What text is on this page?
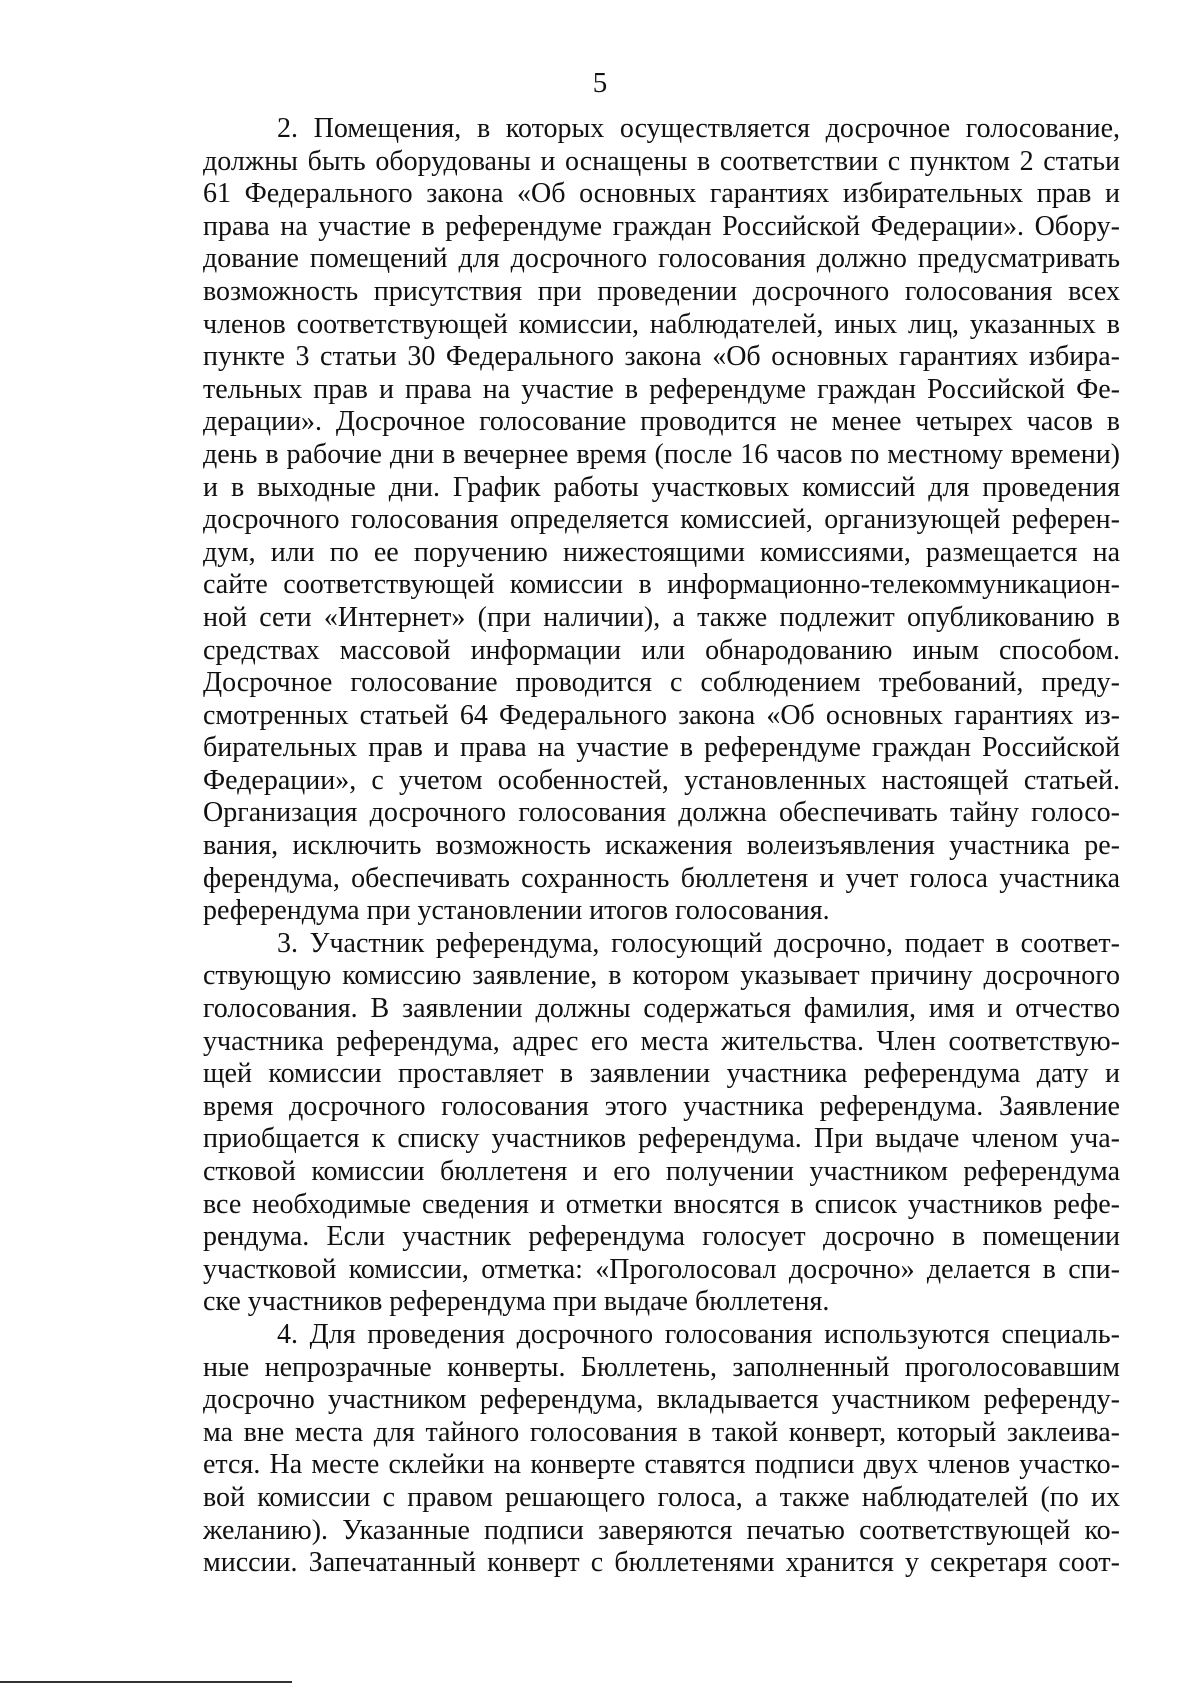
5
2. Помещения, в которых осуществляется досрочное голосование,
должны быть оборудованы и оснащены в соответствии с пунктом 2 статьи
61 Федерального закона «Об основных гарантиях избирательных прав и
права на участие в референдуме граждан Российской Федерации». Обору-
дование помещений для досрочного голосования должно предусматривать
возможность присутствия при проведении досрочного голосования всех
членов соответствующей комиссии, наблюдателей, иных лиц, указанных в
пункте 3 статьи 30 Федерального закона «Об основных гарантиях избира-
тельных прав и права на участие в референдуме граждан Российской Фе-
дерации». Досрочное голосование проводится не менее четырех часов в
день в рабочие дни в вечернее время (после 16 часов по местному времени)
и в выходные дни. График работы участковых комиссий для проведения
досрочного голосования определяется комиссией, организующей референ-
дум, или по ее поручению нижестоящими комиссиями, размещается на
сайте соответствующей комиссии в информационно-телекоммуникацион-
ной сети «Интернет» (при наличии), а также подлежит опубликованию в
средствах массовой информации или обнародованию иным способом.
Досрочное голосование проводится с соблюдением требований, преду-
смотренных статьей 64 Федерального закона «Об основных гарантиях из-
бирательных прав и права на участие в референдуме граждан Российской
Федерации», с учетом особенностей, установленных настоящей статьей.
Организация досрочного голосования должна обеспечивать тайну голосо-
вания, исключить возможность искажения волеизъявления участника ре-
ферендума, обеспечивать сохранность бюллетеня и учет голоса участника
референдума при установлении итогов голосования.
3. Участник референдума, голосующий досрочно, подает в соответ-
ствующую комиссию заявление, в котором указывает причину досрочного
голосования. В заявлении должны содержаться фамилия, имя и отчество
участника референдума, адрес его места жительства. Член соответствую-
щей комиссии проставляет в заявлении участника референдума дату и
время досрочного голосования этого участника референдума. Заявление
приобщается к списку участников референдума. При выдаче членом уча-
стковой комиссии бюллетеня и его получении участником референдума
все необходимые сведения и отметки вносятся в список участников рефе-
рендума. Если участник референдума голосует досрочно в помещении
участковой комиссии, отметка: «Проголосовал досрочно» делается в спи-
ске участников референдума при выдаче бюллетеня.
4. Для проведения досрочного голосования используются специаль-
ные непрозрачные конверты. Бюллетень, заполненный проголосовавшим
досрочно участником референдума, вкладывается участником референду-
ма вне места для тайного голосования в такой конверт, который заклеива-
ется. На месте склейки на конверте ставятся подписи двух членов участко-
вой комиссии с правом решающего голоса, а также наблюдателей (по их
желанию). Указанные подписи заверяются печатью соответствующей ко-
миссии. Запечатанный конверт с бюллетенями хранится у секретаря соот-
